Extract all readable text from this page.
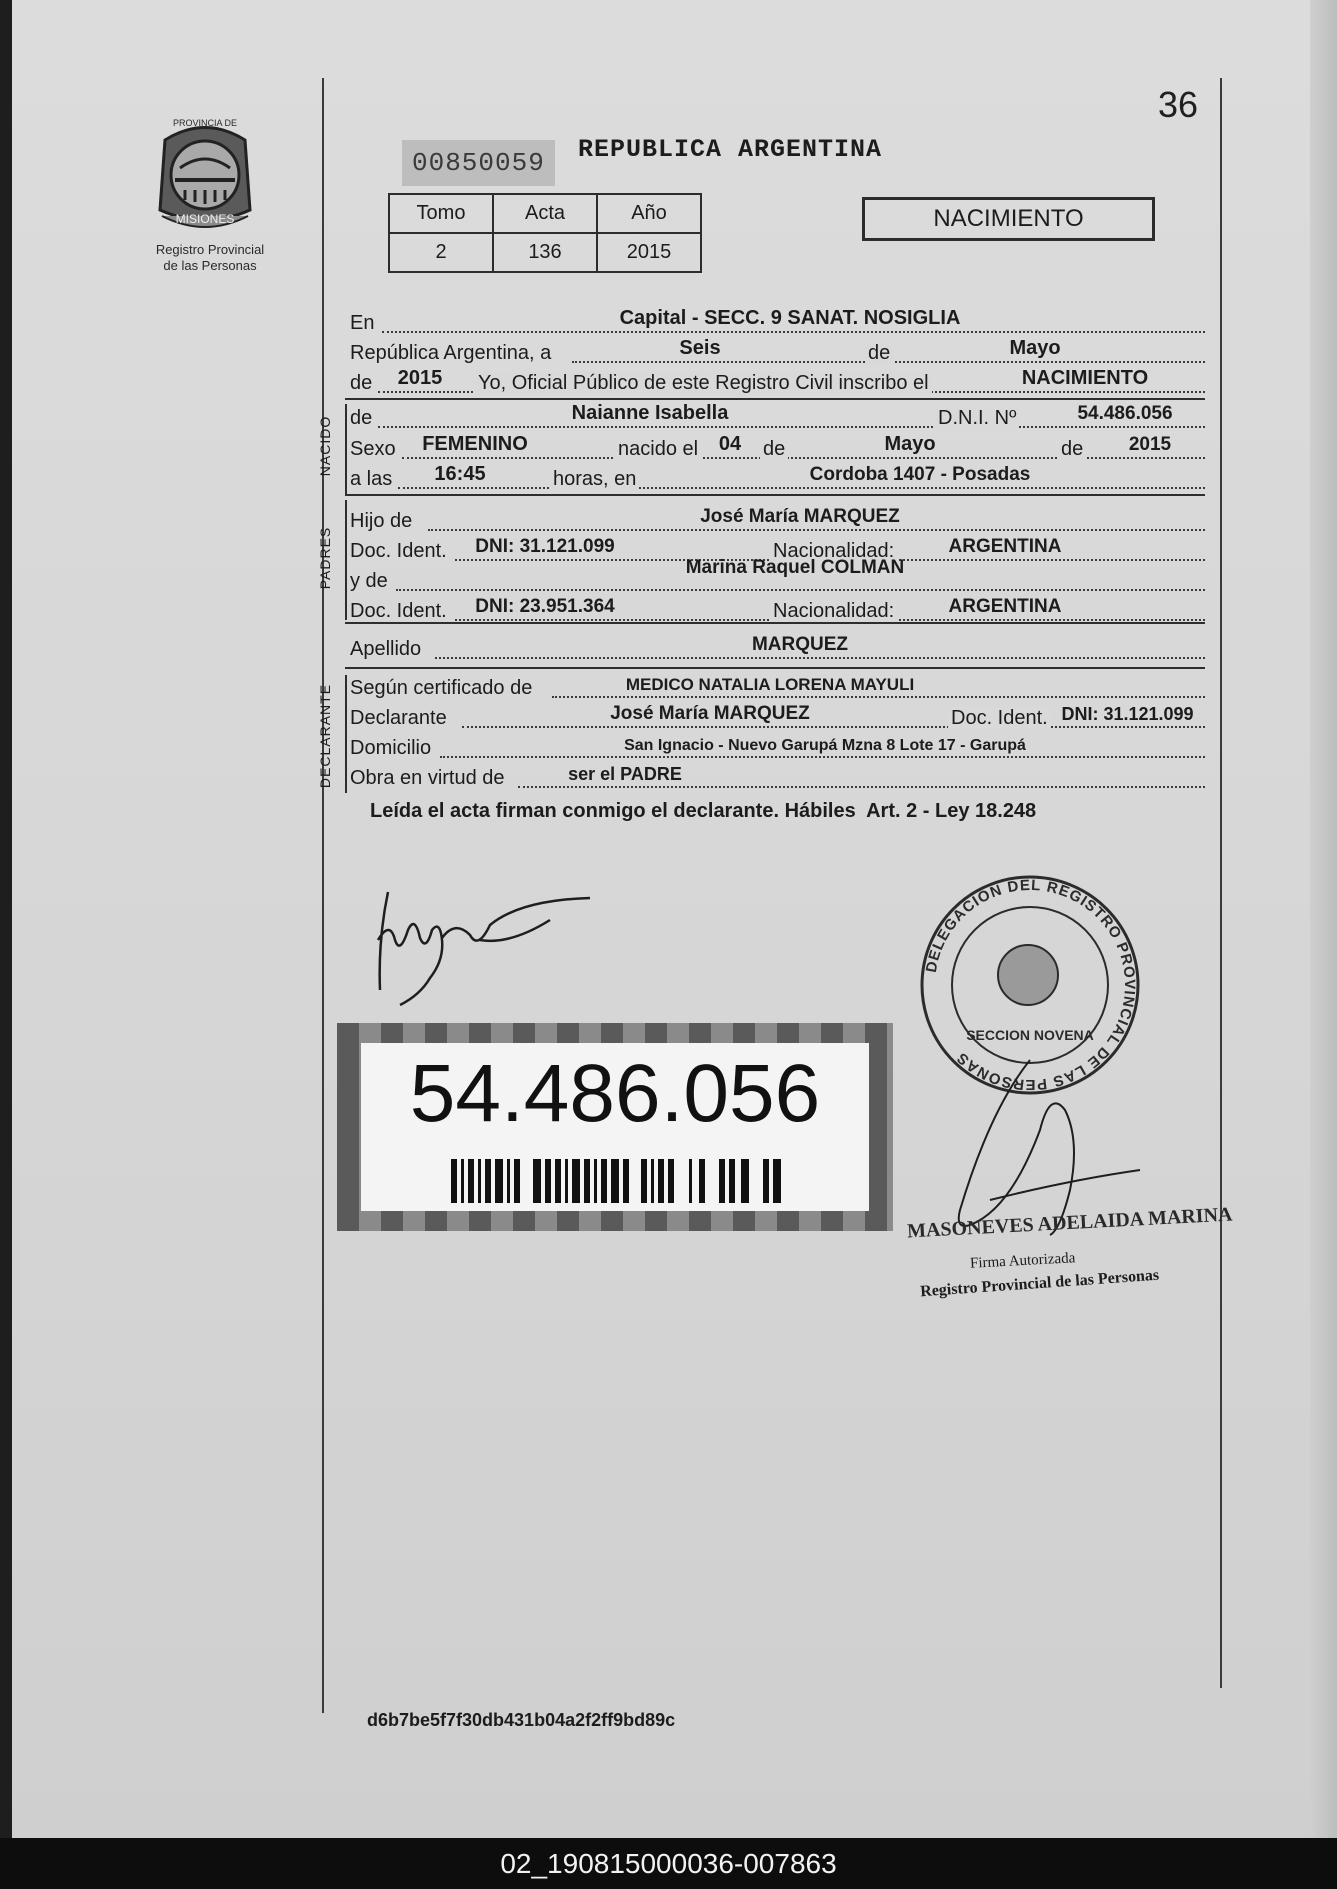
PROVINCIA DE
MISIONES
Registro Provincial
de las Personas
36
00850059	REPUBLICA ARGENTINA
Tomo	Acta	Año
2	136	2015
NACIMIENTO
En	Capital - SECC. 9 SANAT. NOSIGLIA
República Argentina, a	Seis	de	Mayo
de	2015	Yo, Oficial Público de este Registro Civil inscribo el	NACIMIENTO
NACIDO de	Naianne Isabella	D.N.I. Nº	54.486.056
Sexo	FEMENINO	nacido el	04	de	Mayo	de	2015
a las	16:45	horas, en	Cordoba 1407 - Posadas
PADRES
Hijo de	José María MARQUEZ
Doc. Ident.	DNI: 31.121.099	Nacionalidad:	ARGENTINA
y de
Marina Raquel COLMAN
Doc. Ident.	DNI: 23.951.364	Nacionalidad:	ARGENTINA
Apellido	MARQUEZ
DECLARANTE Según certificado de	MEDICO NATALIA LORENA MAYULI
Declarante	José María MARQUEZ	Doc. Ident. DNI: 31.121.099
Domicilio	San Ignacio - Nuevo Garupá Mzna 8 Lote 17 - Garupá
Obra en virtud de	ser el PADRE
Leída el acta firman conmigo el declarante. Hábiles  Art. 2 - Ley 18.248
54.486.056
DELEGACION DEL REGISTRO PROVINCIAL DE LAS PERSONAS
SECCION NOVENA
MASONEVES ADELAIDA MARINA
Firma Autorizada
Registro Provincial de las Personas
d6b7be5f7f30db431b04a2f2ff9bd89c
02_190815000036-007863
